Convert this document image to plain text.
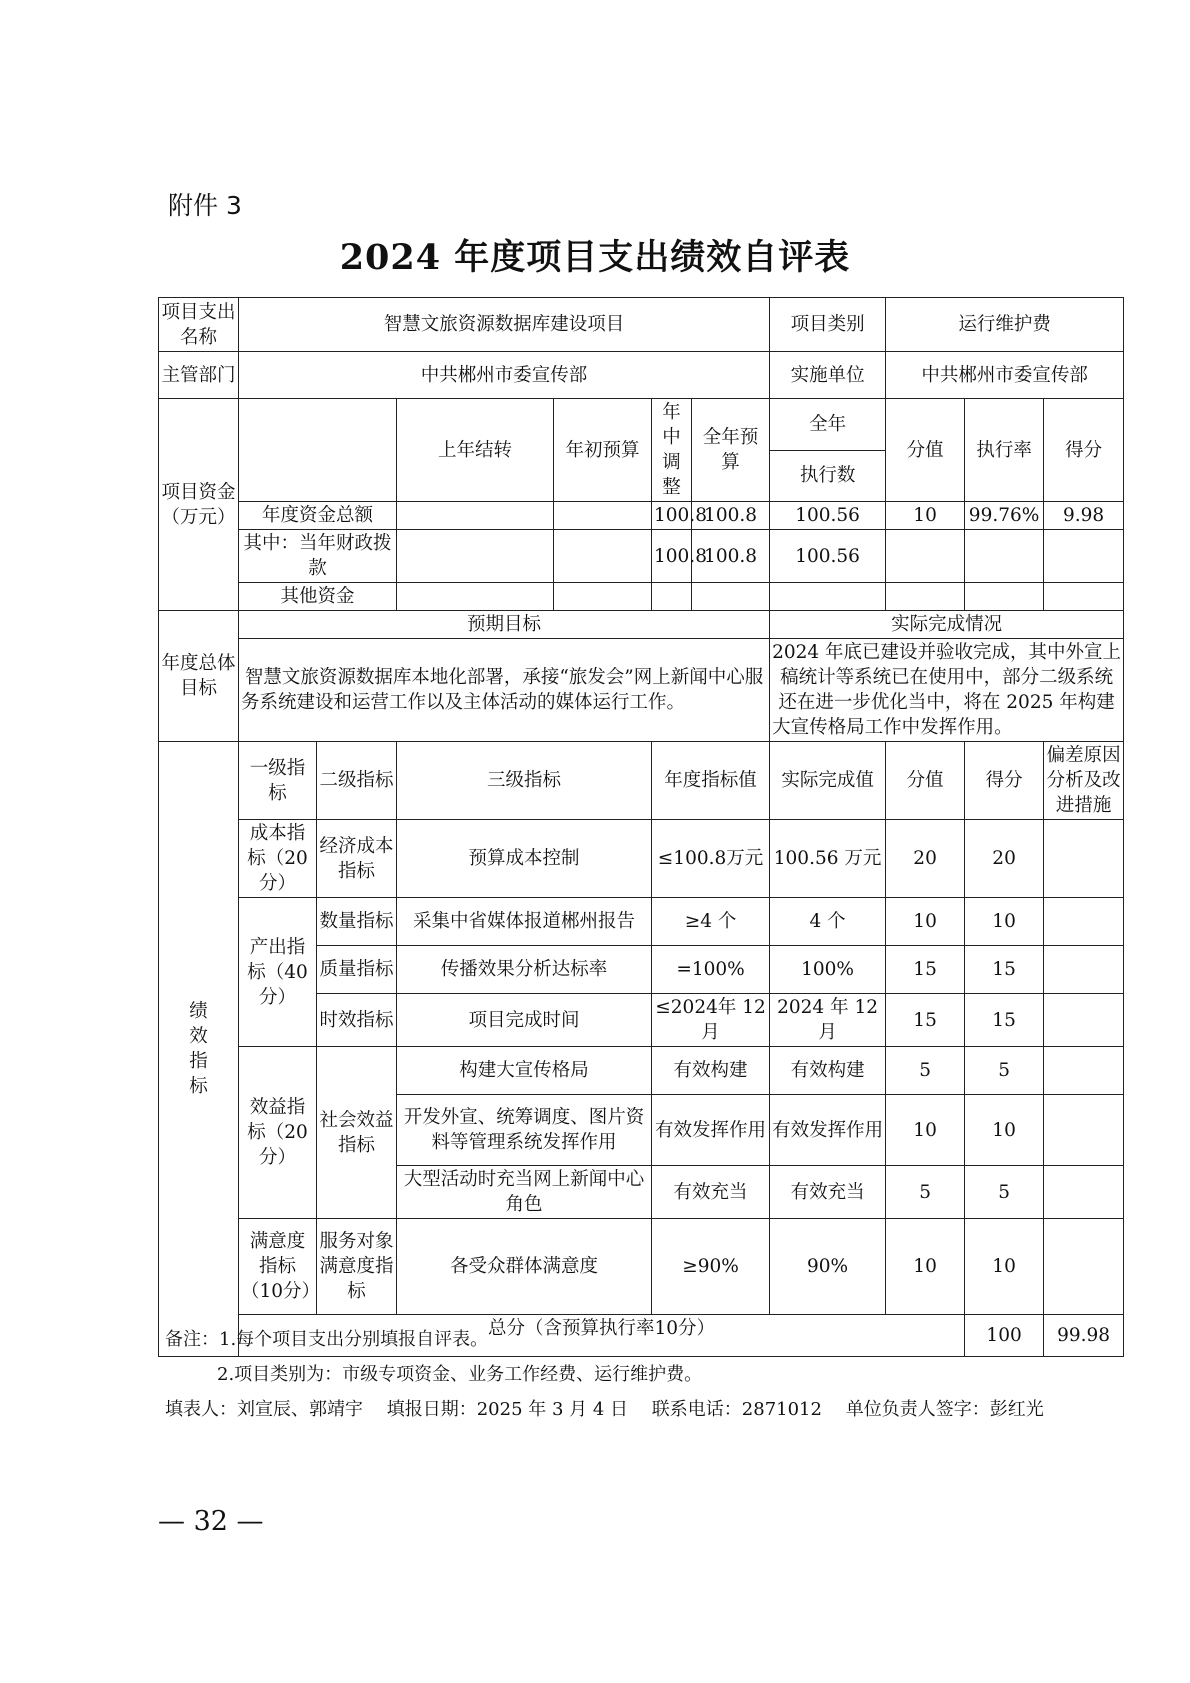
附件 3
2024 年度项目支出绩效自评表
项目支出名称	智慧文旅资源数据库建设项目						项目类别	运行维护费			
主管部门	中共郴州市委宣传部						实施单位	中共郴州市委宣传部			
项目资金（万元）			上年结转	年初预算	年中调整	全年预算	全年	分值	执行率	得分	
							执行数				
	年度资金总额				100.8	100.8	100.56	10	99.76%	9.98	
	其中：当年财政拨款				100.8	100.8	100.56				
	其他资金										

年度总体目标	预期目标						实际完成情况				
	智慧文旅资源数据库本地化部署，承接“旅发会”网上新闻中心服务系统建设和运营工作以及主体活动的媒体运行工作。						2024 年底已建设并验收完成，其中外宣上稿统计等系统已在使用中，部分二级系统还在进一步优化当中，将在 2025 年构建大宣传格局工作中发挥作用。				
绩效指标	一级指标	二级指标	三级指标		年度指标值		实际完成值	分值	得分	偏差原因分析及改进措施	
	成本指标（20分）	经济成本指标	预算成本控制		≤100.8万元		100.56 万元	20	20		
	产出指标（40分）	数量指标	采集中省媒体报道郴州报告		≥4 个		4 个	10	10		
		质量指标	传播效果分析达标率		=100%		100%	15	15		
		时效指标	项目完成时间		≤2024年 12 月		2024 年 12 月	15	15		
	效益指标（20分）	社会效益指标	构建大宣传格局		有效构建		有效构建	5	5		
			开发外宣、统筹调度、图片资料等管理系统发挥作用		有效发挥作用		有效发挥作用	10	10		
			大型活动时充当网上新闻中心角色		有效充当		有效充当	5	5		
	满意度指标（10分）	服务对象满意度指标	各受众群体满意度		≥90%		90%	10	10		

	总分（含预算执行率10分）								100	99.98	
备注：1.每个项目支出分别填报自评表。
2.项目类别为：市级专项资金、业务工作经费、运行维护费。
填表人：刘宣辰、郭靖宇 填报日期：2025 年 3 月 4 日 联系电话：2871012 单位负责人签字：彭红光
— 32 —
